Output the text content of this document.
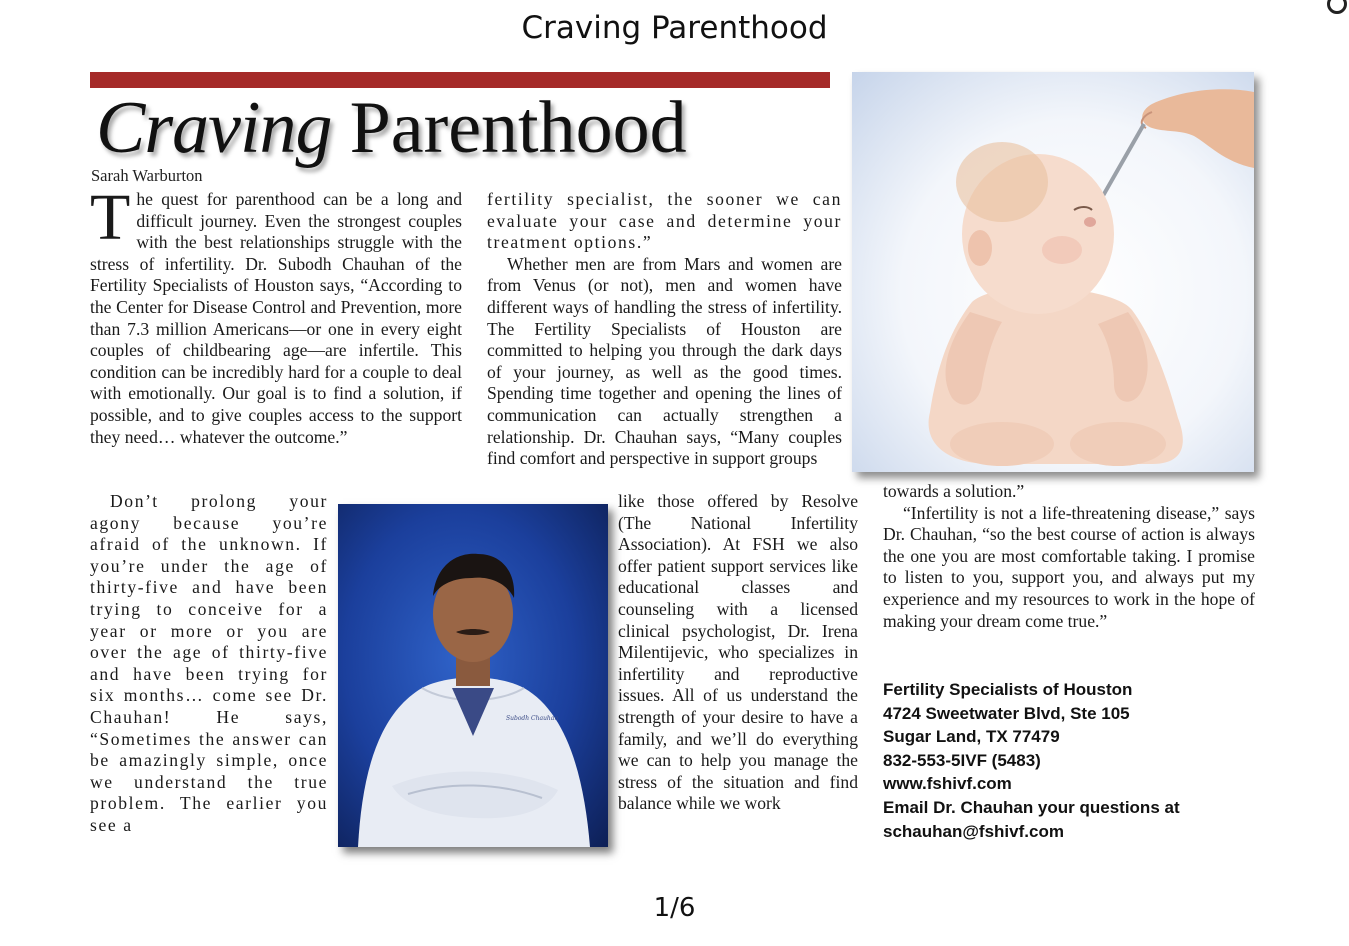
Craving Parenthood
Craving Parenthood
Sarah Warburton

The quest for parenthood can be a long and difficult journey. Even the strongest couples with the best relationships struggle with the stress of infertility. Dr. Subodh Chauhan of the Fertility Specialists of Houston says, “According to the Center for Disease Control and Prevention, more than 7.3 million Americans—or one in every eight couples of childbearing age—are infertile. This condition can be incredibly hard for a couple to deal with emotionally. Our goal is to find a solution, if possible, and to give couples access to the support they need… whatever the outcome.”

Don’t prolong your agony because you’re afraid of the unknown. If you’re under the age of thirty-five and have been trying to conceive for a year or more or you are over the age of thirty-five and have been trying for six months… come see Dr. Chauhan! He says, “Sometimes the answer can be amazingly simple, once we understand the true problem. The earlier you see a

fertility specialist, the sooner we can evaluate your case and determine your treatment options.”

Whether men are from Mars and women are from Venus (or not), men and women have different ways of handling the stress of infertility. The Fertility Specialists of Houston are committed to helping you through the dark days of your journey, as well as the good times. Spending time together and opening the lines of communication can actually strengthen a relationship. Dr. Chauhan says, “Many couples find comfort and perspective in support groups

like those offered by Resolve (The National Infertility Association). At FSH we also offer patient support services like educational classes and counseling with a licensed clinical psychologist, Dr. Irena Milentijevic, who specializes in infertility and reproductive issues. All of us understand the strength of your desire to have a family, and we’ll do everything we can to help you manage the stress of the situation and find balance while we work

towards a solution.”

“Infertility is not a life-threatening disease,” says Dr. Chauhan, “so the best course of action is always the one you are most comfortable taking. I promise to listen to you, support you, and always put my experience and my resources to work in the hope of making your dream come true.”

Fertility Specialists of Houston
4724 Sweetwater Blvd, Ste 105
Sugar Land, TX 77479
832-553-5IVF (5483)
www.fshivf.com
Email Dr. Chauhan your questions at
schauhan@fshivf.com
Subodh Chauhan
1/6
